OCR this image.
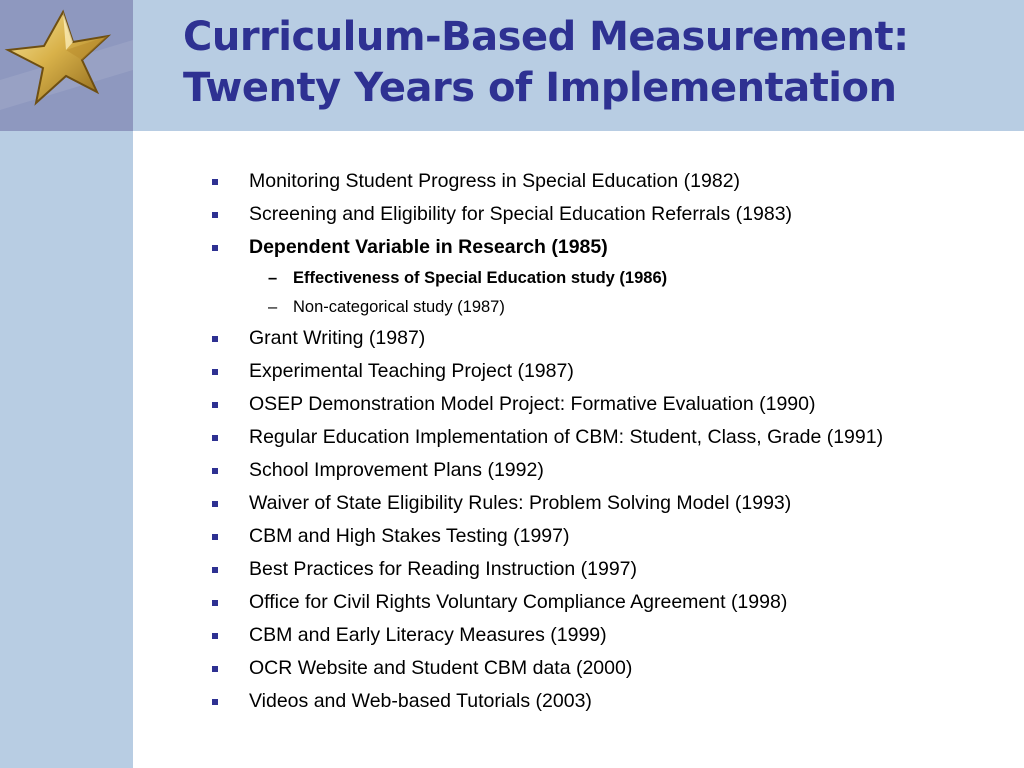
Curriculum-Based Measurement:
Twenty Years of Implementation
Monitoring Student Progress in Special Education (1982)
Screening and Eligibility for Special Education Referrals (1983)
Dependent Variable in Research (1985)
– Effectiveness of Special Education study (1986)
– Non-categorical study (1987)
Grant Writing (1987)
Experimental Teaching Project (1987)
OSEP Demonstration Model Project: Formative Evaluation (1990)
Regular Education Implementation of CBM: Student, Class, Grade (1991)
School Improvement Plans (1992)
Waiver of State Eligibility Rules: Problem Solving Model (1993)
CBM and High Stakes Testing (1997)
Best Practices for Reading Instruction (1997)
Office for Civil Rights Voluntary Compliance Agreement (1998)
CBM and Early Literacy Measures (1999)
OCR Website and Student CBM data (2000)
Videos and Web-based Tutorials (2003)
